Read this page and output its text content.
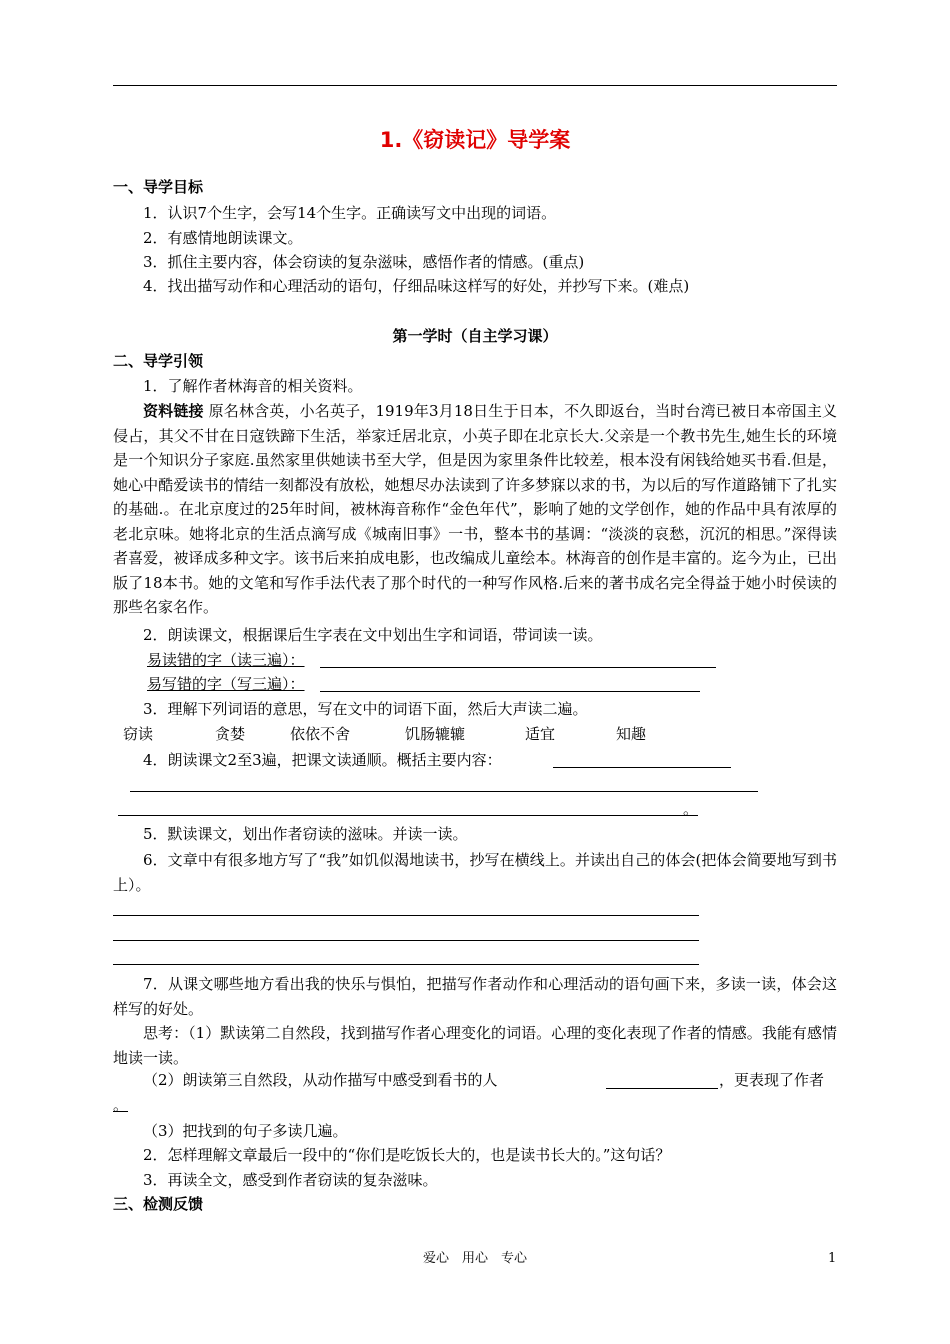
1.《窃读记》导学案
一、导学目标
1．认识7个生字，会写14个生字。正确读写文中出现的词语。
2．有感情地朗读课文。
3．抓住主要内容，体会窃读的复杂滋味，感悟作者的情感。(重点)
4．找出描写动作和心理活动的语句，仔细品味这样写的好处，并抄写下来。(难点)
第一学时（自主学习课）
二、导学引领
1．了解作者林海音的相关资料。
资料链接 原名林含英，小名英子，1919年3月18日生于日本，不久即返台，当时台湾已被日本帝国主义侵占，其父不甘在日寇铁蹄下生活，举家迁居北京，小英子即在北京长大.父亲是一个教书先生,她生长的环境是一个知识分子家庭.虽然家里供她读书至大学，但是因为家里条件比较差，根本没有闲钱给她买书看.但是，她心中酷爱读书的情结一刻都没有放松，她想尽办法读到了许多梦寐以求的书，为以后的写作道路铺下了扎实的基础.。在北京度过的25年时间，被林海音称作“金色年代”，影响了她的文学创作，她的作品中具有浓厚的老北京味。她将北京的生活点滴写成《城南旧事》一书，整本书的基调：“淡淡的哀愁，沉沉的相思。”深得读者喜爱，被译成多种文字。该书后来拍成电影，也改编成儿童绘本。林海音的创作是丰富的。迄今为止，已出版了18本书。她的文笔和写作手法代表了那个时代的一种写作风格.后来的著书成名完全得益于她小时侯读的那些名家名作。
2．朗读课文，根据课后生字表在文中划出生字和词语，带词读一读。
易读错的字（读三遍）：
易写错的字（写三遍）：
3．理解下列词语的意思，写在文中的词语下面，然后大声读二遍。
窃读	贪婪	依依不舍	饥肠辘辘	适宜	知趣
4．朗读课文2至3遍，把课文读通顺。概括主要内容：
。
5．默读课文，划出作者窃读的滋味。并读一读。
6．文章中有很多地方写了“我”如饥似渴地读书，抄写在横线上。并读出自己的体会(把体会简要地写到书上）。
7．从课文哪些地方看出我的快乐与惧怕，把描写作者动作和心理活动的语句画下来，多读一读，体会这样写的好处。
思考：（1）默读第二自然段，找到描写作者心理变化的词语。心理的变化表现了作者的情感。我能有感情地读一读。
（2）朗读第三自然段，从动作描写中感受到看书的人	，更表现了作者
。
（3）把找到的句子多读几遍。
2．怎样理解文章最后一段中的“你们是吃饭长大的，也是读书长大的。”这句话？
3．再读全文，感受到作者窃读的复杂滋味。
三、检测反馈
爱心　用心　专心	1
